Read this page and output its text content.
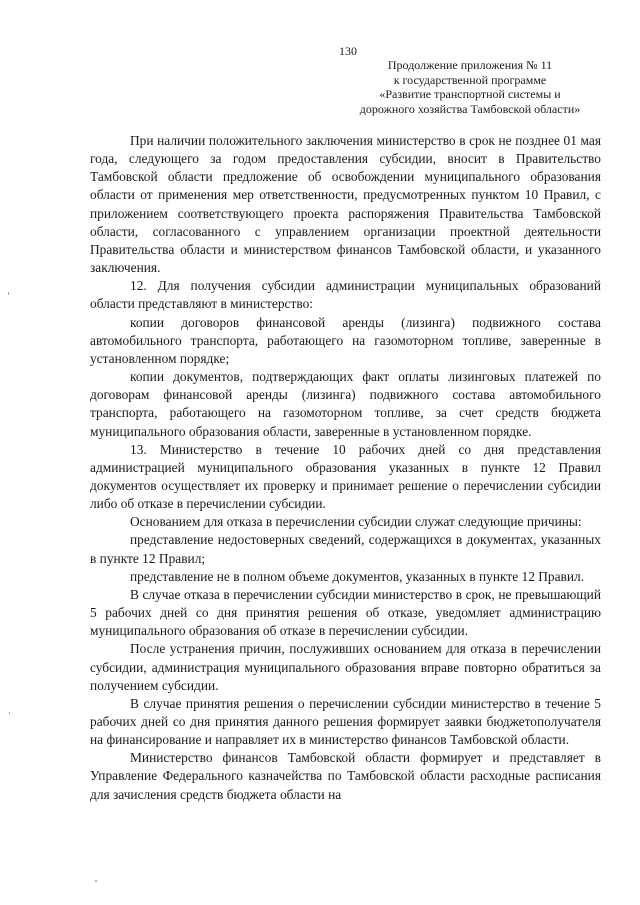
130
Продолжение приложения № 11
к государственной программе
«Развитие транспортной системы и
дорожного хозяйства Тамбовской области»

При наличии положительного заключения министерство в срок не позднее 01 мая года, следующего за годом предоставления субсидии, вносит в Правительство Тамбовской области предложение об освобождении муниципального образования области от применения мер ответственности, предусмотренных пунктом 10 Правил, с приложением соответствующего проекта распоряжения Правительства Тамбовской области, согласованного с управлением организации проектной деятельности Правительства области и министерством финансов Тамбовской области, и указанного заключения.

12. Для получения субсидии администрации муниципальных образований области представляют в министерство:

копии договоров финансовой аренды (лизинга) подвижного состава автомобильного транспорта, работающего на газомоторном топливе, заверенные в установленном порядке;

копии документов, подтверждающих факт оплаты лизинговых платежей по договорам финансовой аренды (лизинга) подвижного состава автомобильного транспорта, работающего на газомоторном топливе, за счет средств бюджета муниципального образования области, заверенные в установленном порядке.

13. Министерство в течение 10 рабочих дней со дня представления администрацией муниципального образования указанных в пункте 12 Правил документов осуществляет их проверку и принимает решение о перечислении субсидии либо об отказе в перечислении субсидии.

Основанием для отказа в перечислении субсидии служат следующие причины:

представление недостоверных сведений, содержащихся в документах, указанных в пункте 12 Правил;

представление не в полном объеме документов, указанных в пункте 12 Правил.

В случае отказа в перечислении субсидии министерство в срок, не превышающий 5 рабочих дней со дня принятия решения об отказе, уведомляет администрацию муниципального образования об отказе в перечислении субсидии.

После устранения причин, послуживших основанием для отказа в перечислении субсидии, администрация муниципального образования вправе повторно обратиться за получением субсидии.

В случае принятия решения о перечислении субсидии министерство в течение 5 рабочих дней со дня принятия данного решения формирует заявки бюджетополучателя на финансирование и направляет их в министерство финансов Тамбовской области.

Министерство финансов Тамбовской области формирует и представляет в Управление Федерального казначейства по Тамбовской области расходные расписания для зачисления средств бюджета области на
